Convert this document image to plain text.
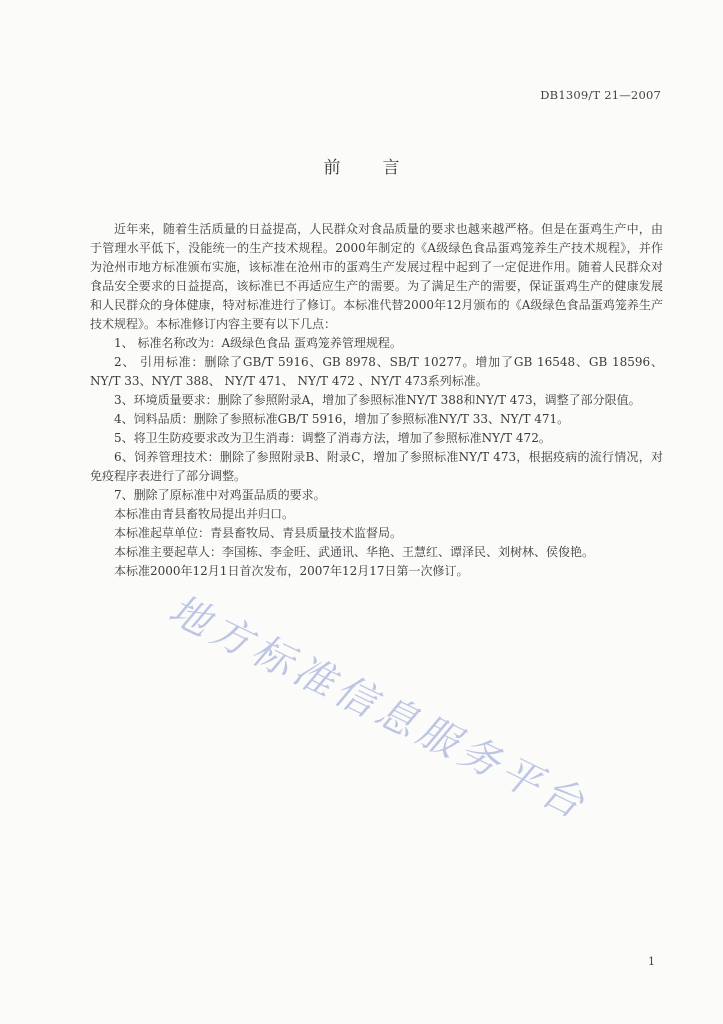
DB1309/T 21—2007
前言

近年来，随着生活质量的日益提高，人民群众对食品质量的要求也越来越严格。但是在蛋鸡生产中，由于管理水平低下，没能统一的生产技术规程。2000年制定的《A级绿色食品蛋鸡笼养生产技术规程》，并作为沧州市地方标准颁布实施，该标准在沧州市的蛋鸡生产发展过程中起到了一定促进作用。随着人民群众对食品安全要求的日益提高，该标准已不再适应生产的需要。为了满足生产的需要，保证蛋鸡生产的健康发展和人民群众的身体健康，特对标准进行了修订。本标准代替2000年12月颁布的《A级绿色食品蛋鸡笼养生产技术规程》。本标准修订内容主要有以下几点：

1、 标准名称改为：A级绿色食品 蛋鸡笼养管理规程。

2、 引用标准：删除了GB/T 5916、GB 8978、SB/T 10277。增加了GB 16548、GB 18596、NY/T 33、NY/T 388、 NY/T 471、 NY/T 472 、NY/T 473系列标准。

3、环境质量要求：删除了参照附录A，增加了参照标准NY/T 388和NY/T 473，调整了部分限值。

4、饲料品质：删除了参照标准GB/T 5916，增加了参照标准NY/T 33、NY/T 471。

5、将卫生防疫要求改为卫生消毒：调整了消毒方法，增加了参照标准NY/T 472。

6、饲养管理技术：删除了参照附录B、附录C，增加了参照标准NY/T 473，根据疫病的流行情况，对免疫程序表进行了部分调整。

7、删除了原标准中对鸡蛋品质的要求。

本标准由青县畜牧局提出并归口。

本标准起草单位：青县畜牧局、青县质量技术监督局。

本标准主要起草人：李国栋、李金旺、武通讯、华艳、王慧红、谭泽民、刘树林、侯俊艳。

本标准2000年12月1日首次发布，2007年12月17日第一次修订。

地方标准信息服务平台
1
